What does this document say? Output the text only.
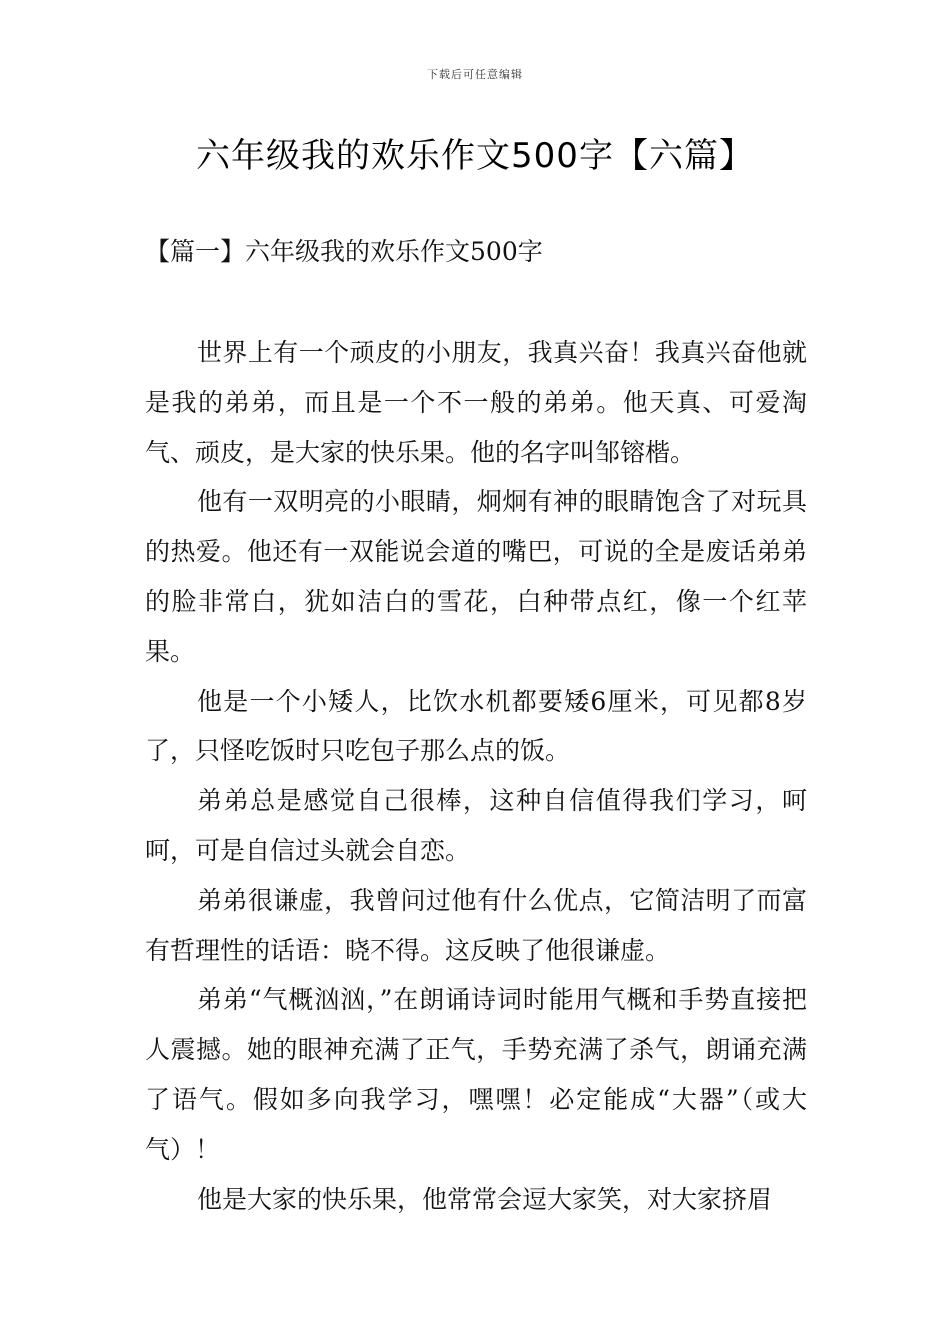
下载后可任意编辑
六年级我的欢乐作文500字【六篇】
【篇一】六年级我的欢乐作文500字

世界上有一个顽皮的小朋友，我真兴奋！我真兴奋他就是我的弟弟，而且是一个不一般的弟弟。他天真、可爱淘气、顽皮，是大家的快乐果。他的名字叫邹镕楷。

他有一双明亮的小眼睛，炯炯有神的眼睛饱含了对玩具的热爱。他还有一双能说会道的嘴巴，可说的全是废话弟弟的脸非常白，犹如洁白的雪花，白种带点红，像一个红苹果。

他是一个小矮人，比饮水机都要矮6厘米，可见都8岁了，只怪吃饭时只吃包子那么点的饭。

弟弟总是感觉自己很棒，这种自信值得我们学习，呵呵，可是自信过头就会自恋。

弟弟很谦虚，我曾问过他有什么优点，它简洁明了而富有哲理性的话语：晓不得。这反映了他很谦虚。

弟弟“气概汹汹，”在朗诵诗词时能用气概和手势直接把人震撼。她的眼神充满了正气，手势充满了杀气，朗诵充满了语气。假如多向我学习，嘿嘿！必定能成“大器”（或大气）！

他是大家的快乐果，他常常会逗大家笑，对大家挤眉
